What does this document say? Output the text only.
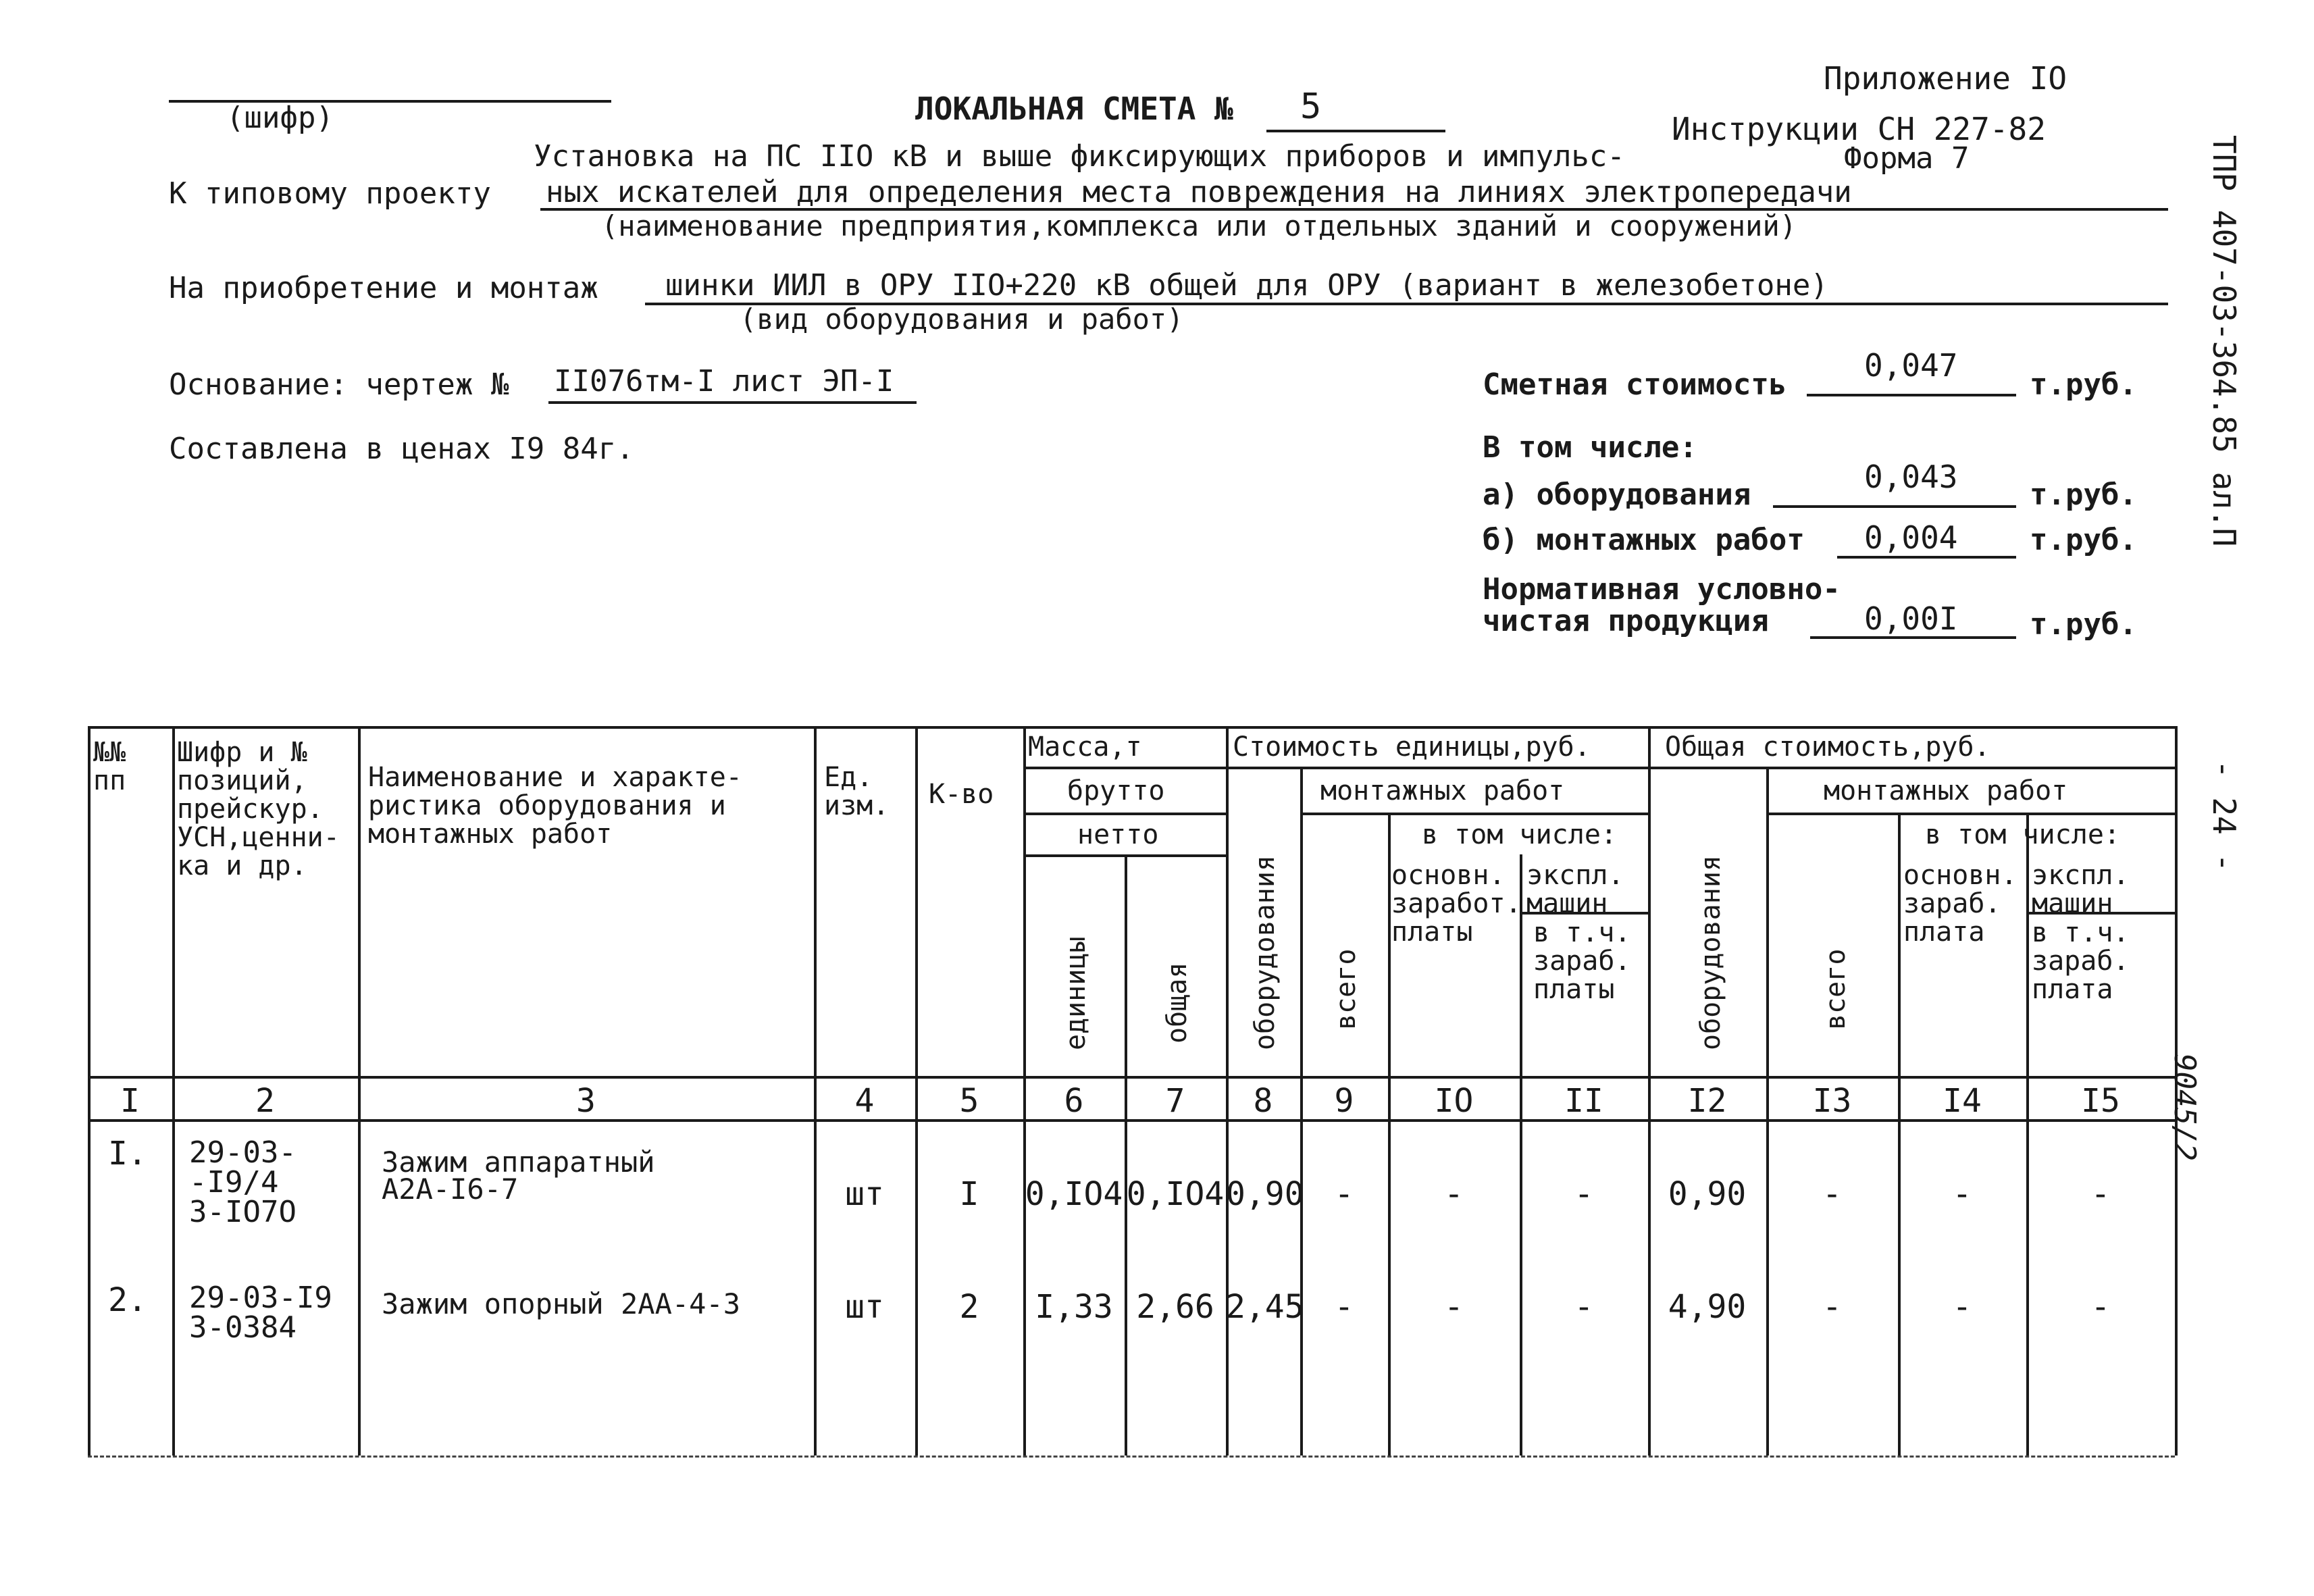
(шифр)	ЛОКАЛЬНАЯ СМЕТА № 5
Приложение IO
Инструкции СН 227-82
Форма 7
К типовому проекту
Установка на ПС IIO кВ и выше фиксирующих приборов и импульс-
ных искателей для определения места повреждения на линиях электропередачи
(наименование предприятия,комплекса или отдельных зданий и сооружений)
На приобретение и монтаж шинки ИИЛ в ОРУ IIO+220 кВ общей для ОРУ (вариант в железобетоне)
(вид оборудования и работ)
Основание: чертеж № II076тм-I лист ЭП-I
Составлена в ценах I9 84г.
Сметная стоимость
0,047
т.руб.
В том числе:
а) оборудования	0,043 т.руб.
б) монтажных работ 0,004 т.руб.
Нормативная условно-
чистая продукция	0,00I т.руб.
ТПР 407-03-364.85 ал.П
- 24 -
9045/2
№№ пп
Шифр и № позиций, прейскур. УСН,ценни- ка и др.
Наименование и характе- ристика оборудования и монтажных работ
Ед. изм.	К-во
Масса,т
брутто
нетто
единицы	общая
Стоимость единицы,руб.
оборудования
монтажных работ
всего
в том числе:
основн. заработ. платы
экспл. машин
в т.ч. зараб. платы
Общая стоимость,руб.
оборудования
монтажных работ
всего
в том числе:
основн. зараб. плата
экспл. машин
в т.ч. зараб. плата
I	2	3	4	5	6	7	8	9	IO	II	I2	I3	I4	I5
I.	29-03-
-I9/4
3-IO7O
Зажим аппаратный
А2А-I6-7	шт	I	0,IO4 0,IO4 0,90 -	-	-	0,90	-	-	-
2.	29-03-I9
3-0384
Зажим опорный 2АА-4-3	шт	2	I,33 2,66 2,45 -	-	-	4,90	-	-	-
